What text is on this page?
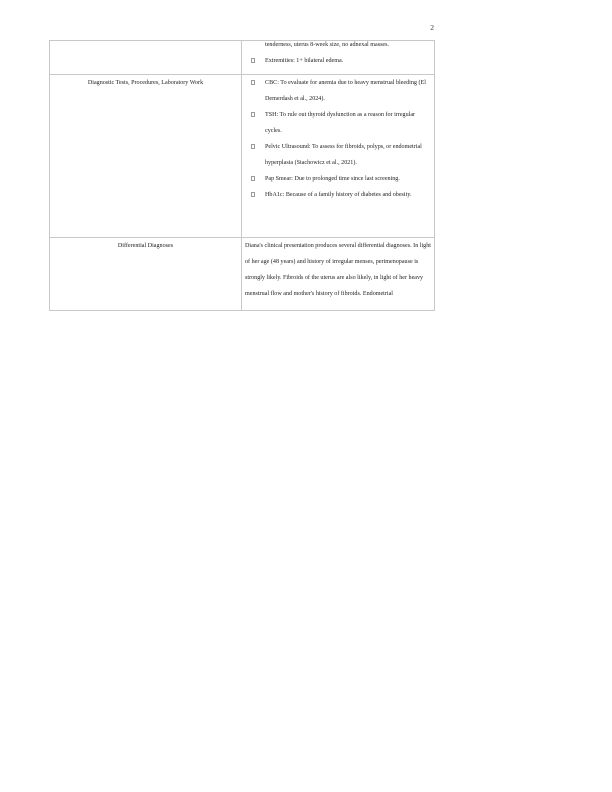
2

	tenderness, uterus 8-week size, no adnexal masses.
Extremities: 1+ bilateral edema.

Diagnostic Tests, Procedures, Laboratory Work	CBC: To evaluate for anemia due to heavy menstrual bleeding (El Demerdash et al., 2024).
TSH: To rule out thyroid dysfunction as a reason for irregular cycles.
Pelvic Ultrasound: To assess for fibroids, polyps, or endometrial hyperplasia (Stachowicz et al., 2021).
Pap Smear: Due to prolonged time since last screening.
HbA1c: Because of a family history of diabetes and obesity.

Differential Diagnoses	Diana's clinical presentation produces several differential diagnoses. In light of her age (48 years) and history of irregular menses, perimenopause is strongly likely. Fibroids of the uterus are also likely, in light of her heavy menstrual flow and mother's history of fibroids. Endometrial
